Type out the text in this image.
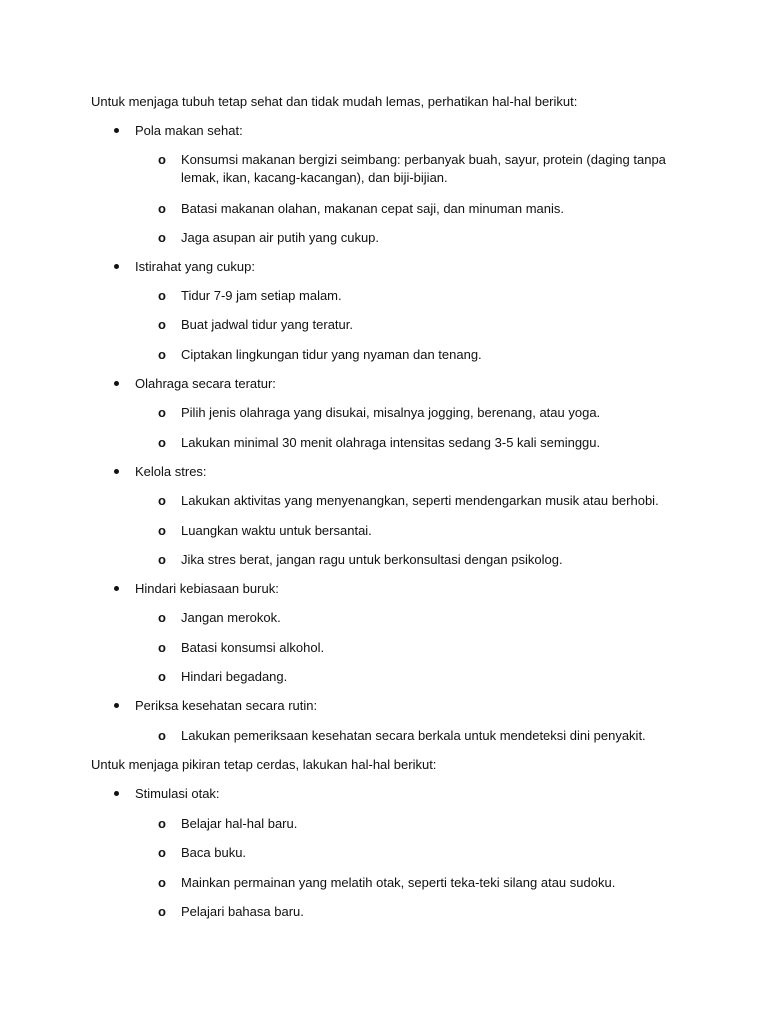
Untuk menjaga tubuh tetap sehat dan tidak mudah lemas, perhatikan hal-hal berikut:
Pola makan sehat:
o Konsumsi makanan bergizi seimbang: perbanyak buah, sayur, protein (daging tanpa lemak, ikan, kacang-kacangan), dan biji-bijian.
o Batasi makanan olahan, makanan cepat saji, dan minuman manis.
o Jaga asupan air putih yang cukup.
Istirahat yang cukup:
o Tidur 7-9 jam setiap malam.
o Buat jadwal tidur yang teratur.
o Ciptakan lingkungan tidur yang nyaman dan tenang.
Olahraga secara teratur:
o Pilih jenis olahraga yang disukai, misalnya jogging, berenang, atau yoga.
o Lakukan minimal 30 menit olahraga intensitas sedang 3-5 kali seminggu.
Kelola stres:
o Lakukan aktivitas yang menyenangkan, seperti mendengarkan musik atau berhobi.
o Luangkan waktu untuk bersantai.
o Jika stres berat, jangan ragu untuk berkonsultasi dengan psikolog.
Hindari kebiasaan buruk:
o Jangan merokok.
o Batasi konsumsi alkohol.
o Hindari begadang.
Periksa kesehatan secara rutin:
o Lakukan pemeriksaan kesehatan secara berkala untuk mendeteksi dini penyakit.
Untuk menjaga pikiran tetap cerdas, lakukan hal-hal berikut:
Stimulasi otak:
o Belajar hal-hal baru.
o Baca buku.
o Mainkan permainan yang melatih otak, seperti teka-teki silang atau sudoku.
o Pelajari bahasa baru.
